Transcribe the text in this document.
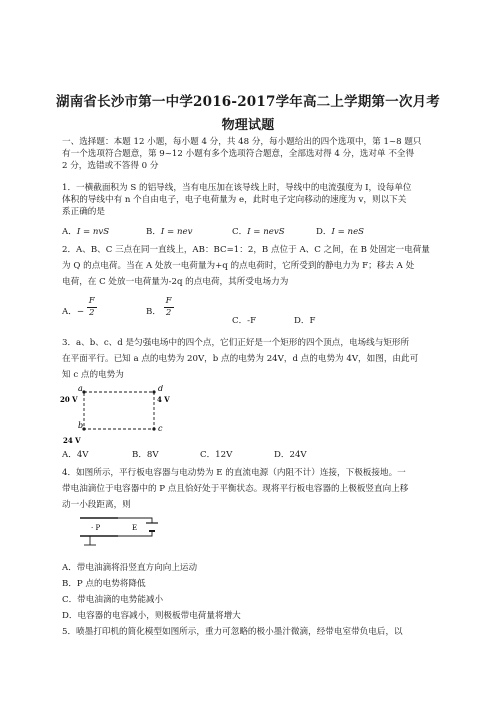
湖南省长沙市第一中学2016-2017学年高二上学期第一次月考
物理试题
一、选择题：本题 12 小题，每小题 4 分，共 48 分，每小题给出的四个选项中，第 1~8 题只
有一个选项符合题意，第 9~12 小题有多个选项符合题意，全部选对得 4 分，选对单 不全得
2 分，选错或不答得 0 分
1．一横截面积为 S 的铝导线，当有电压加在该导线上时，导线中的电流强度为 I，设每单位
体积的导线中有 n 个自由电子，电子电荷量为 e，此时电子定向移动的速度为 v，则以下关
系正确的是
A．I = nvS	B．I = nev	C．I = nevS	D．I = neS
2．A、B、C 三点在同一直线上，AB：BC=1：2，B 点位于 A、C 之间，在 B 处固定一电荷量
为 Q 的点电荷。当在 A 处放一电荷量为+q 的点电荷时，它所受到的静电力为 F；移去 A 处
电荷，在 C 处放一电荷量为-2q 的点电荷，其所受电场力为
A．− $\frac{F}{2}$	B． $\frac{F}{2}$
C．-F	D．F
3．a、b、c、d 是匀强电场中的四个点，它们正好是一个矩形的四个顶点，电场线与矩形所
在平面平行。已知 a 点的电势为 20V，b 点的电势为 24V，d 点的电势为 4V，如图，由此可
知 c 点的电势为
a	d
b	c
20 V	4 V
24 V
A．4V	B．8V	C．12V	D．24V
4．如图所示，平行板电容器与电动势为 E 的直流电源（内阻不计）连接，下极板接地。一
带电油滴位于电容器中的 P 点且恰好处于平衡状态。现将平行板电容器的上极板竖直向上移
动一小段距离，则
· P	E
A．带电油滴将沿竖直方向向上运动
B．P 点的电势将降低
C．带电油滴的电势能减小
D．电容器的电容减小，则极板带电荷量将增大
5．喷墨打印机的简化模型如图所示，重力可忽略的极小墨汁微滴，经带电室带负电后，以
